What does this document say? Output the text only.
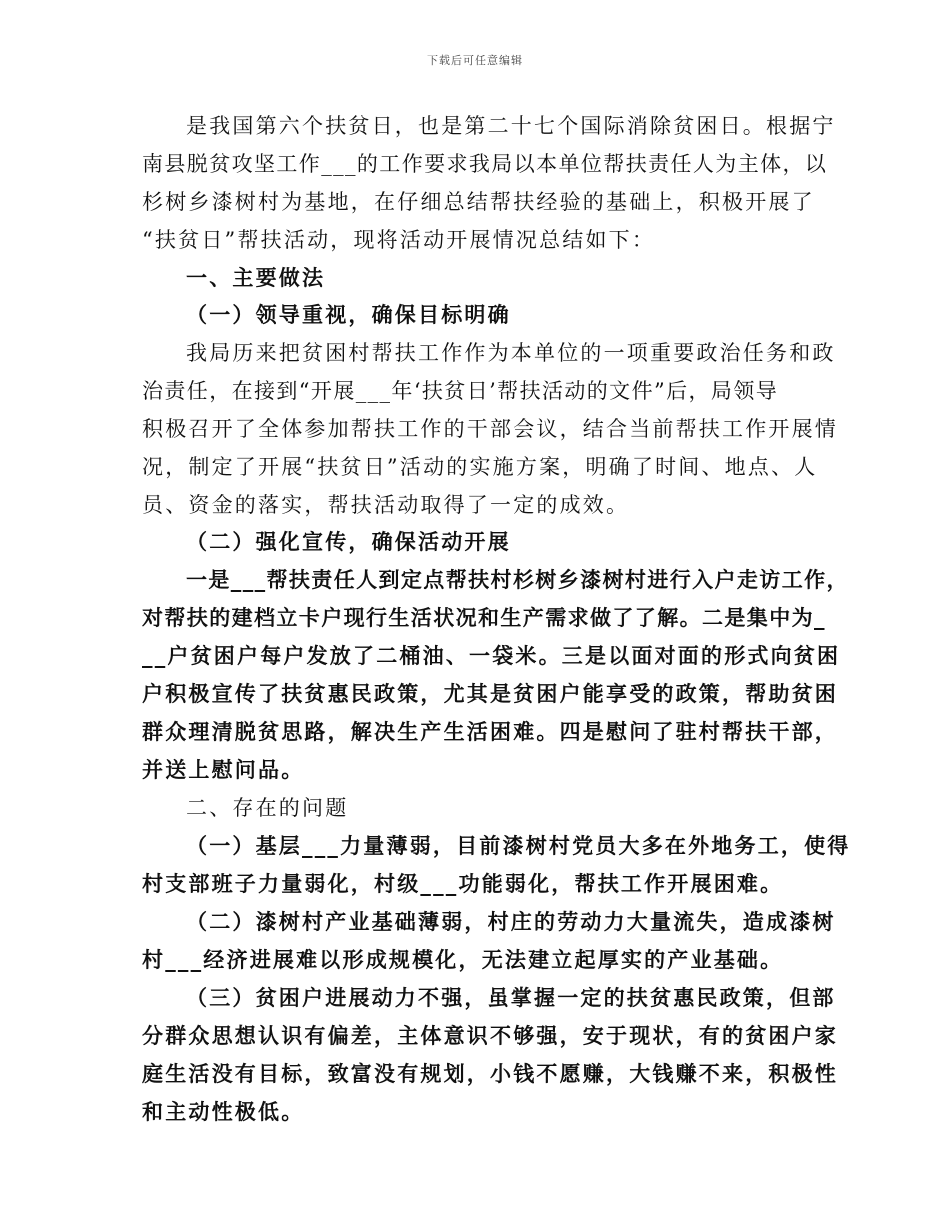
下载后可任意编辑
是我国第六个扶贫日，也是第二十七个国际消除贫困日。根据宁
南县脱贫攻坚工作___的工作要求我局以本单位帮扶责任人为主体，以
杉树乡漆树村为基地，在仔细总结帮扶经验的基础上，积极开展了
“扶贫日”帮扶活动，现将活动开展情况总结如下：
一、主要做法
（一）领导重视，确保目标明确
我局历来把贫困村帮扶工作作为本单位的一项重要政治任务和政
治责任，在接到“开展___年‘扶贫日’帮扶活动的文件”后，局领导
积极召开了全体参加帮扶工作的干部会议，结合当前帮扶工作开展情
况，制定了开展“扶贫日”活动的实施方案，明确了时间、地点、人
员、资金的落实，帮扶活动取得了一定的成效。
（二）强化宣传，确保活动开展
一是___帮扶责任人到定点帮扶村杉树乡漆树村进行入户走访工作，
对帮扶的建档立卡户现行生活状况和生产需求做了了解。二是集中为_
__户贫困户每户发放了二桶油、一袋米。三是以面对面的形式向贫困
户积极宣传了扶贫惠民政策，尤其是贫困户能享受的政策，帮助贫困
群众理清脱贫思路，解决生产生活困难。四是慰问了驻村帮扶干部，
并送上慰问品。
二、存在的问题
（一）基层___力量薄弱，目前漆树村党员大多在外地务工，使得
村支部班子力量弱化，村级___功能弱化，帮扶工作开展困难。
（二）漆树村产业基础薄弱，村庄的劳动力大量流失，造成漆树
村___经济进展难以形成规模化，无法建立起厚实的产业基础。
（三）贫困户进展动力不强，虽掌握一定的扶贫惠民政策，但部
分群众思想认识有偏差，主体意识不够强，安于现状，有的贫困户家
庭生活没有目标，致富没有规划，小钱不愿赚，大钱赚不来，积极性
和主动性极低。
